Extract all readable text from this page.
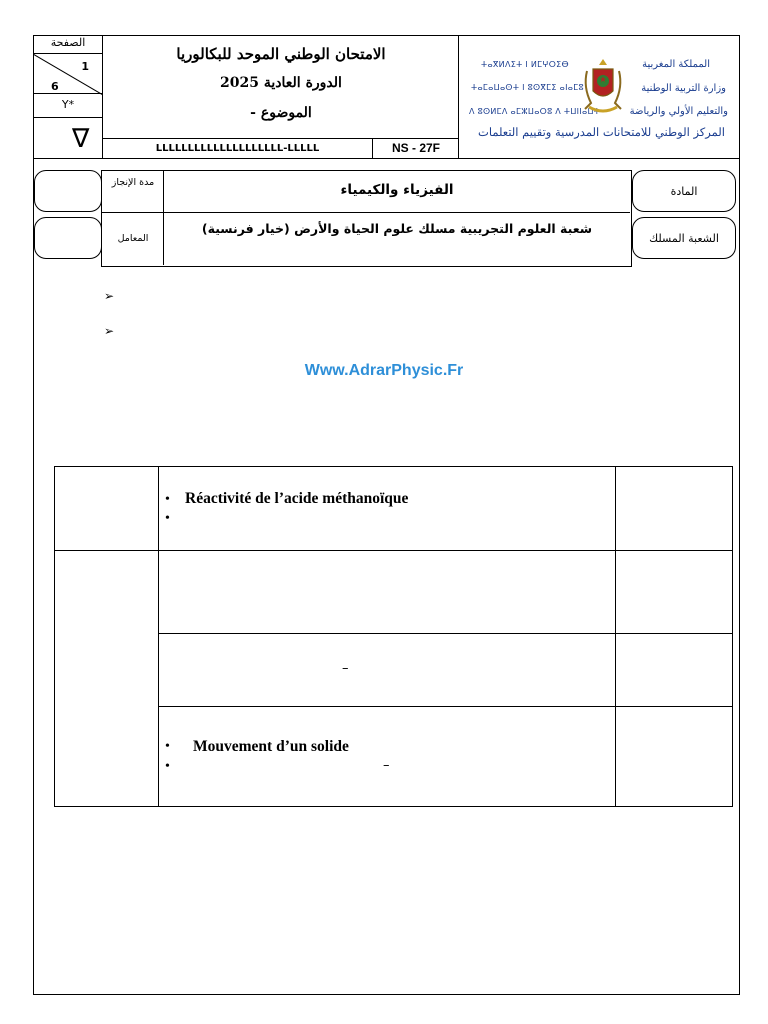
الصفحة
1
6
Y*
∇
الامتحان الوطني الموحد للبكالوريا
الدورة العادية 2025
الموضوع -
LLLLLLLLLLLLLLLLLLLL-LLLLL	NS - 27F
ⵜⴰⴳⵍⴷⵉⵜ ⵏ ⵍⵎⵖⵔⵉⴱ
ⵜⴰⵎⴰⵡⴰⵙⵜ ⵏ ⵓⵙⴳⵎⵉ ⴰⵏⴰⵎⵓ
ⴷ ⵓⵙⵍⵎⴷ ⴰⵎⵣⵡⴰⵔⵓ ⴷ ⵜⵡⵏⵏⴰⵡⵜ
المملكة المغربية
وزارة التربية الوطنية
والتعليم الأولي والرياضة
المركز الوطني للامتحانات المدرسية وتقييم التعلمات
المادة
الشعبة المسلك
مدة الإنجاز
المعامل
الفيزياء والكيمياء
شعبة العلوم التجريبية مسلك علوم الحياة والأرض (خيار فرنسية)
➢
➢
Www.AdrarPhysic.Fr
• Réactivité de l’acide méthanoïque
•
–
• Mouvement d’un solide
•	–
